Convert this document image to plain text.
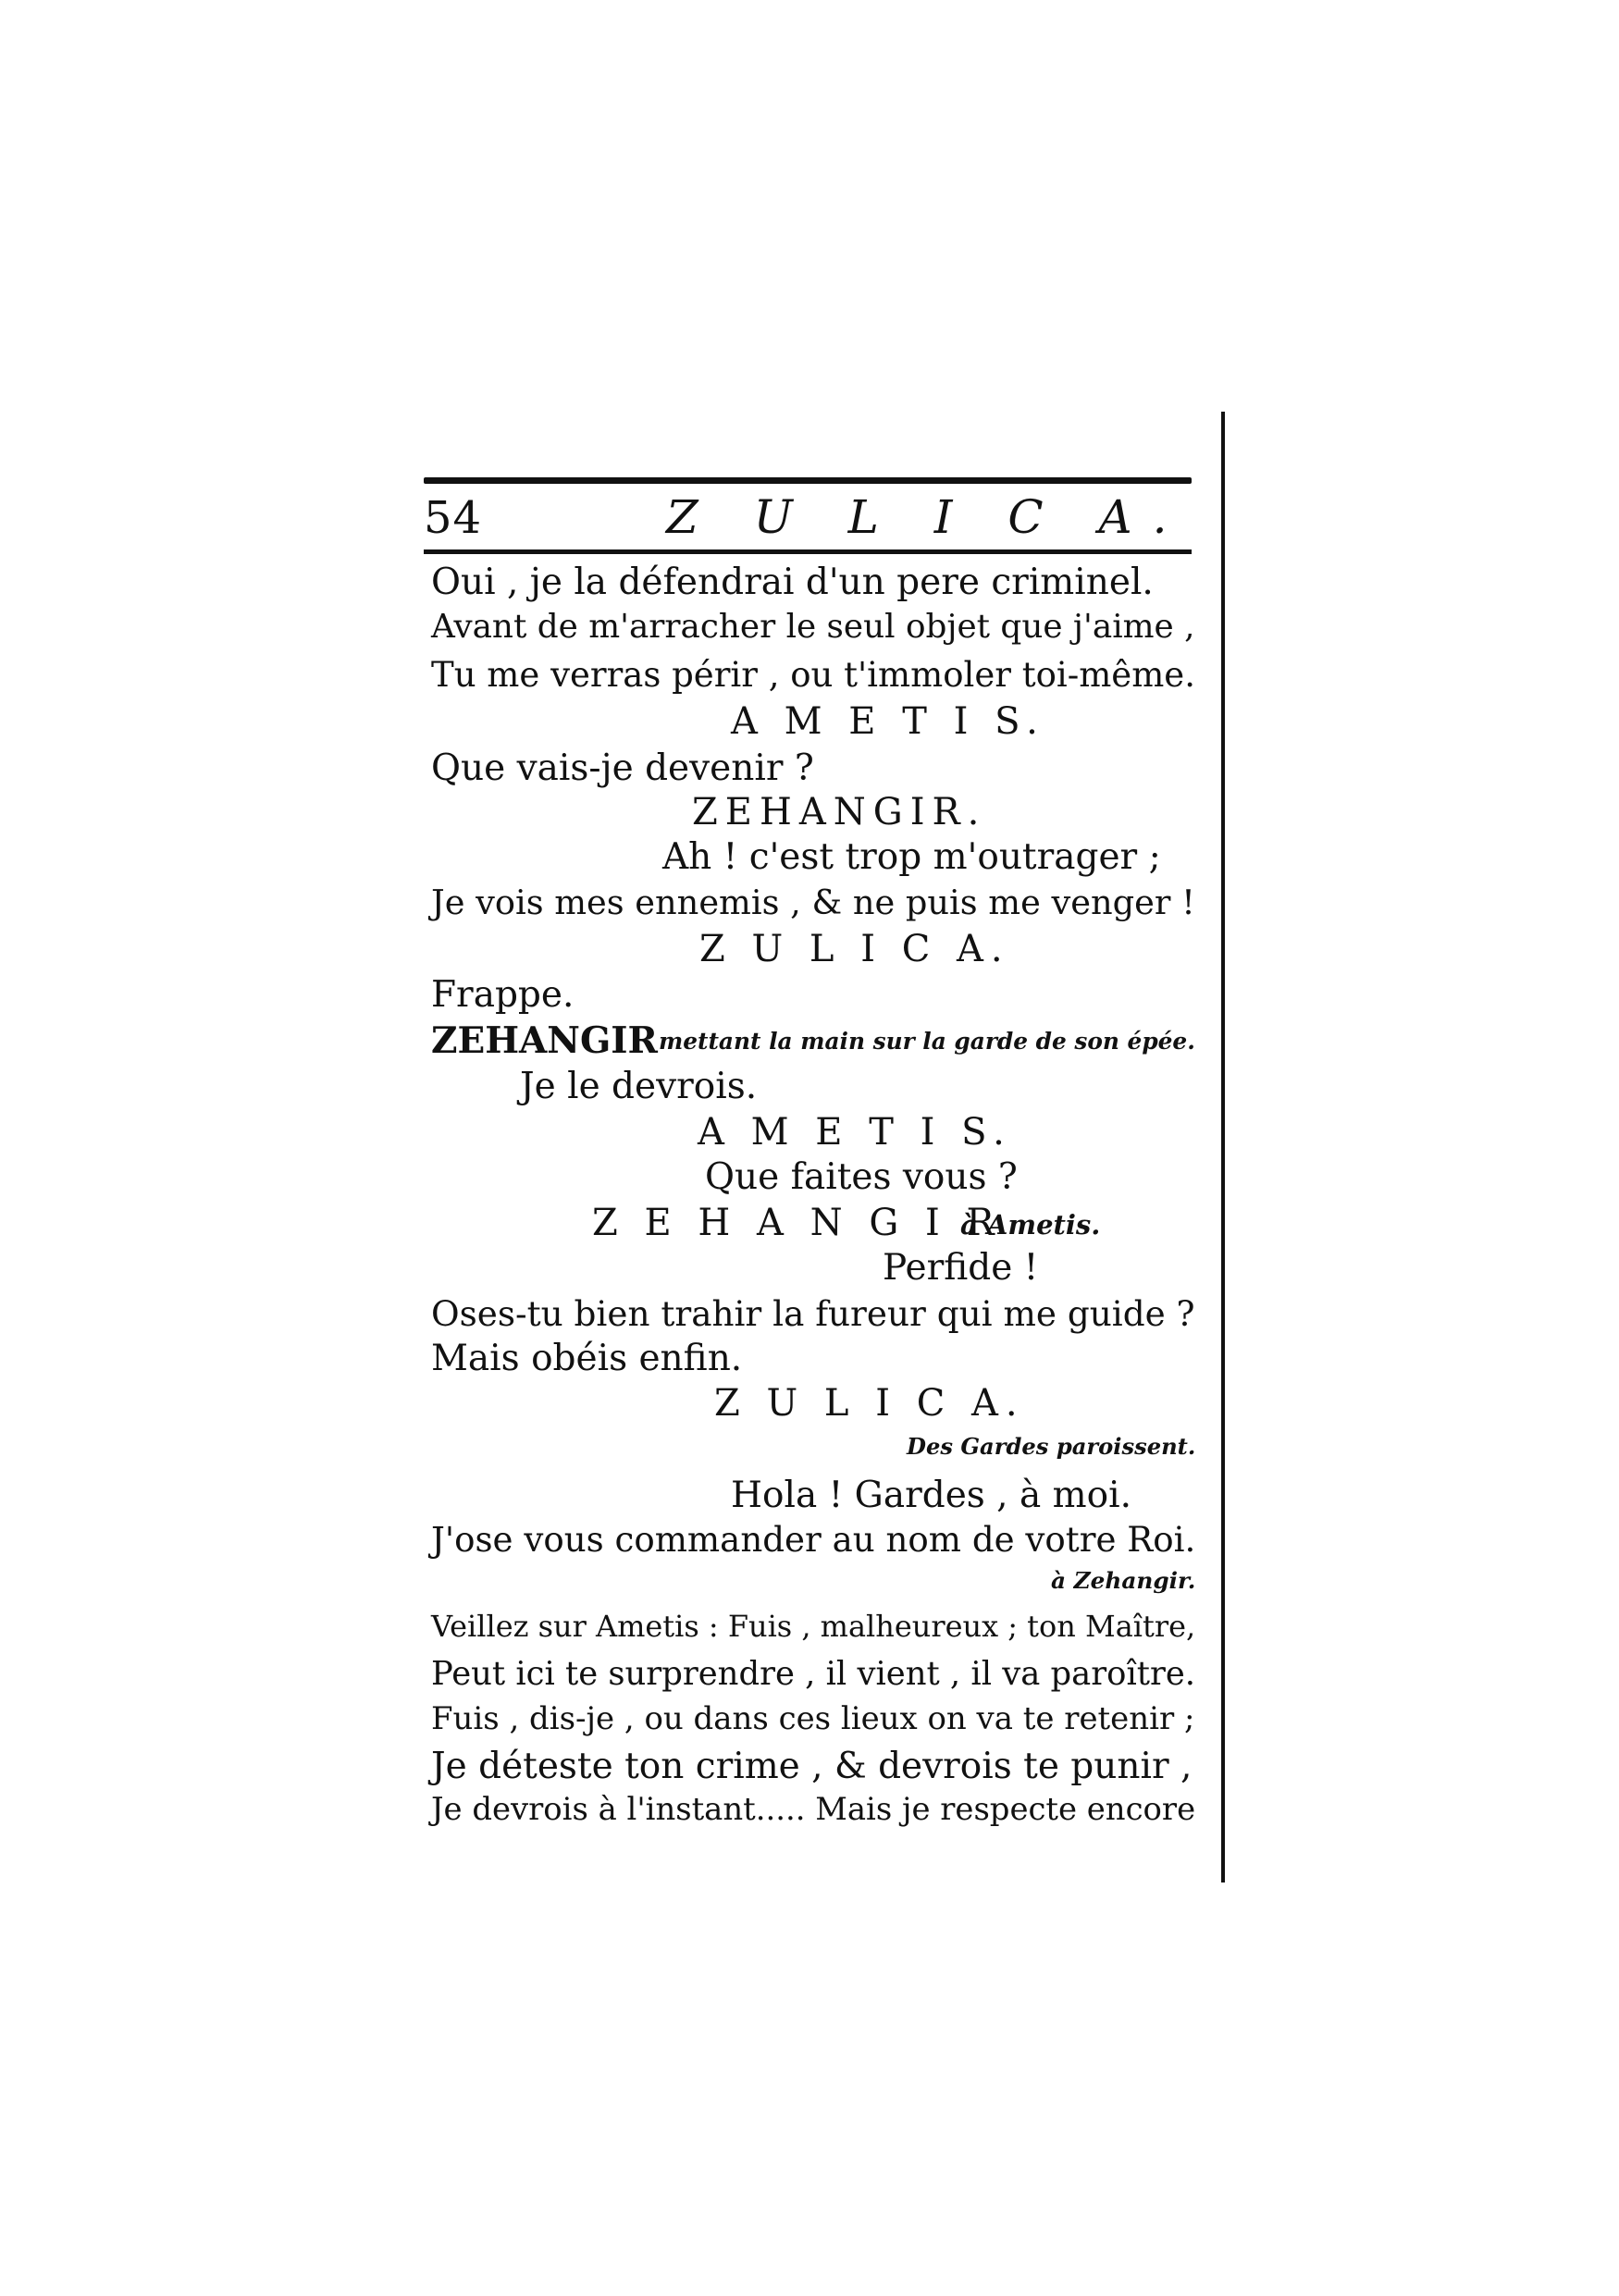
54	Z U L I C A.
Oui , je la défendrai d'un pere criminel.
Avant de m'arracher le seul objet que j'aime ,
Tu me verras périr , ou t'immoler toi-même.
A M E T I S.
Que vais-je devenir ?
ZEHANGIR.
Ah ! c'est trop m'outrager ;
Je vois mes ennemis , & ne puis me venger !
Z U L I C A.
Frappe.
ZEHANGIR mettant la main sur la garde de son épée.
Je le devrois.
A M E T I S.
Que faites vous ?
Z E H A N G I R
à Ametis.
Perfide !
Oses-tu bien trahir la fureur qui me guide ?
Mais obéis enfin.
Z U L I C A.
Des Gardes paroissent.
Hola ! Gardes , à moi.
J'ose vous commander au nom de votre Roi.
à Zehangir.
Veillez sur Ametis : Fuis , malheureux ; ton Maître,
Peut ici te surprendre , il vient , il va paroître.
Fuis , dis-je , ou dans ces lieux on va te retenir ;
Je déteste ton crime , & devrois te punir ,
Je devrois à l'instant..... Mais je respecte encore
